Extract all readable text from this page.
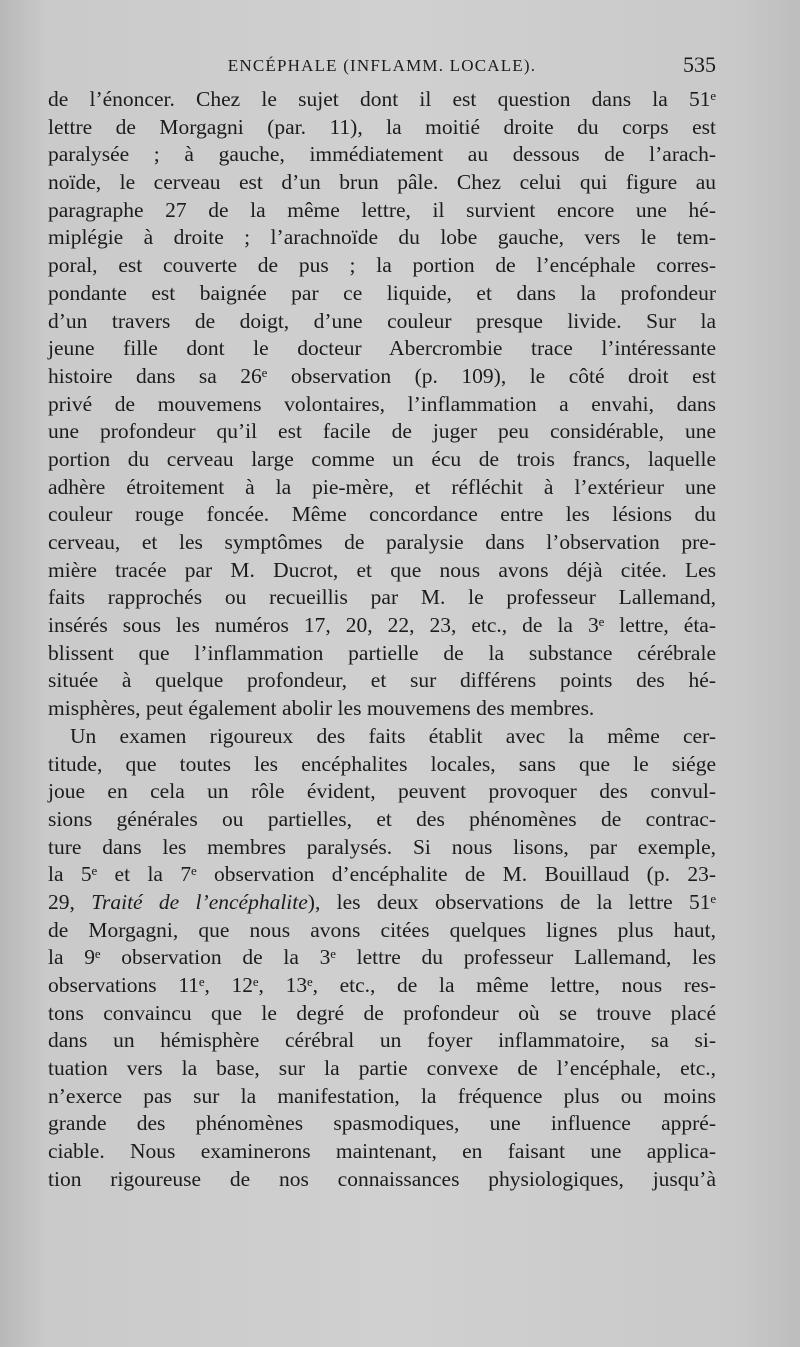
ENCÉPHALE (INFLAMM. LOCALE).	535
de l’énoncer. Chez le sujet dont il est question dans la 51ᵉ
lettre de Morgagni (par. 11), la moitié droite du corps est
paralysée ; à gauche, immédiatement au dessous de l’arach-
noïde, le cerveau est d’un brun pâle. Chez celui qui figure au
paragraphe 27 de la même lettre, il survient encore une hé-
miplégie à droite ; l’arachnoïde du lobe gauche, vers le tem-
poral, est couverte de pus ; la portion de l’encéphale corres-
pondante est baignée par ce liquide, et dans la profondeur
d’un travers de doigt, d’une couleur presque livide. Sur la
jeune fille dont le docteur Abercrombie trace l’intéressante
histoire dans sa 26ᵉ observation (p. 109), le côté droit est
privé de mouvemens volontaires, l’inflammation a envahi, dans
une profondeur qu’il est facile de juger peu considérable, une
portion du cerveau large comme un écu de trois francs, laquelle
adhère étroitement à la pie-mère, et réfléchit à l’extérieur une
couleur rouge foncée. Même concordance entre les lésions du
cerveau, et les symptômes de paralysie dans l’observation pre-
mière tracée par M. Ducrot, et que nous avons déjà citée. Les
faits rapprochés ou recueillis par M. le professeur Lallemand,
insérés sous les numéros 17, 20, 22, 23, etc., de la 3ᵉ lettre, éta-
blissent que l’inflammation partielle de la substance cérébrale
située à quelque profondeur, et sur différens points des hé-
misphères, peut également abolir les mouvemens des membres.
Un examen rigoureux des faits établit avec la même cer-
titude, que toutes les encéphalites locales, sans que le siége
joue en cela un rôle évident, peuvent provoquer des convul-
sions générales ou partielles, et des phénomènes de contrac-
ture dans les membres paralysés. Si nous lisons, par exemple,
la 5ᵉ et la 7ᵉ observation d’encéphalite de M. Bouillaud (p. 23-
29, Traité de l’encéphalite), les deux observations de la lettre 51ᵉ
de Morgagni, que nous avons citées quelques lignes plus haut,
la 9ᵉ observation de la 3ᵉ lettre du professeur Lallemand, les
observations 11ᵉ, 12ᵉ, 13ᵉ, etc., de la même lettre, nous res-
tons convaincu que le degré de profondeur où se trouve placé
dans un hémisphère cérébral un foyer inflammatoire, sa si-
tuation vers la base, sur la partie convexe de l’encéphale, etc.,
n’exerce pas sur la manifestation, la fréquence plus ou moins
grande des phénomènes spasmodiques, une influence appré-
ciable. Nous examinerons maintenant, en faisant une applica-
tion rigoureuse de nos connaissances physiologiques, jusqu’à
